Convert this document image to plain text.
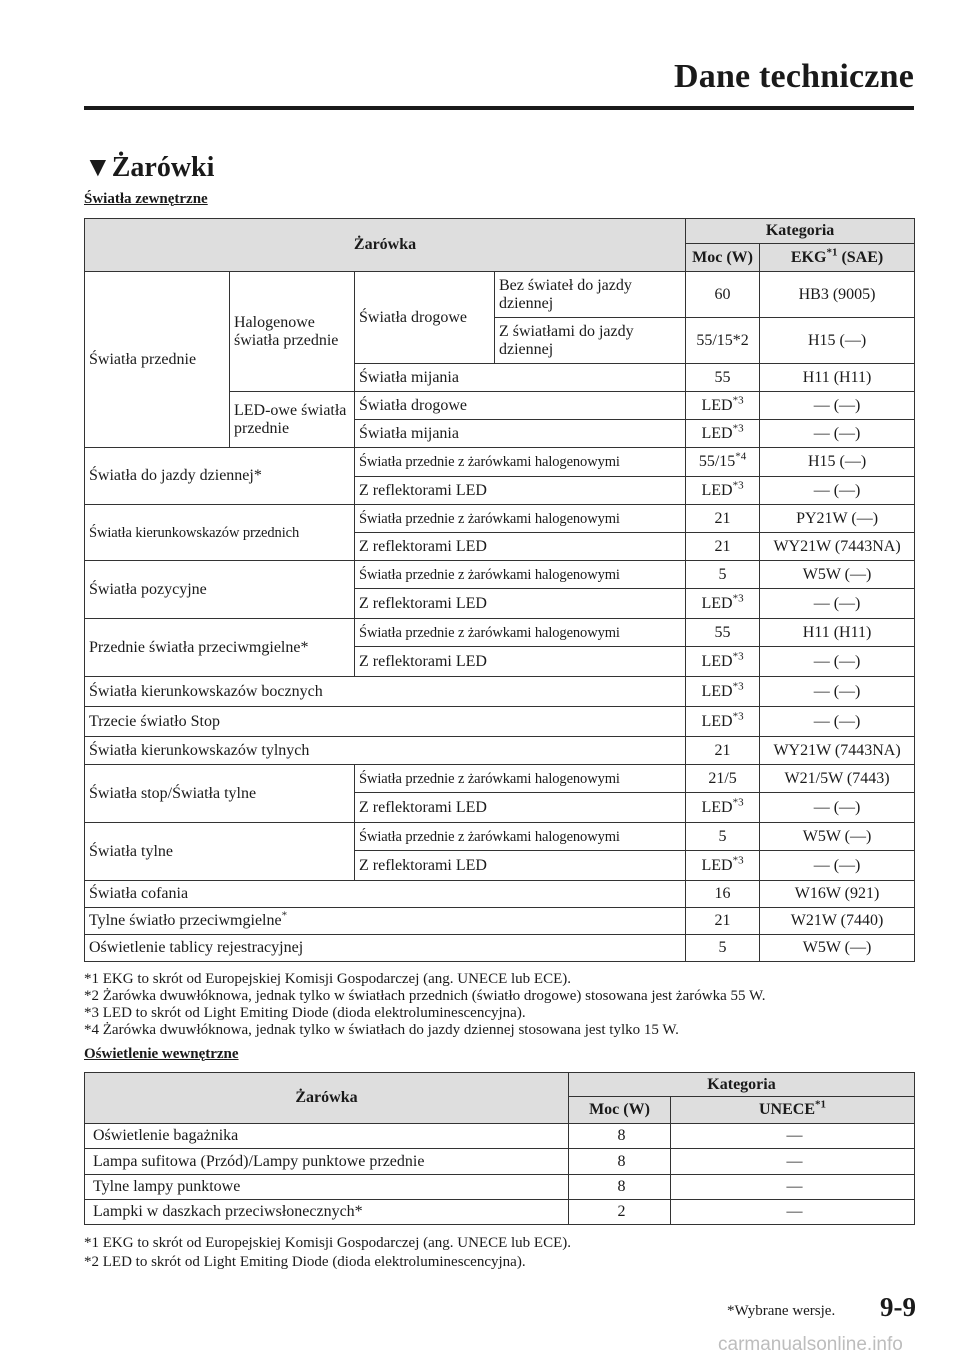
Dane techniczne
▼Żarówki
Światła zewnętrzne
Żarówka				Kategoria	
				Moc (W)	EKG$^{*1}$ (SAE)
Światła przednie	Halogenowe światła przednie	Światła drogowe	Bez świateł do jazdy dziennej	60	HB3 (9005)
			Z światłami do jazdy dziennej	55/15*2	H15 (—)
		Światła mijania		55	H11 (H11)
	LED-owe światła przednie	Światła drogowe		LED$^{*3}$	— (—)
		Światła mijania		LED$^{*3}$	— (—)
Światła do jazdy dziennej*		Światła przednie z żarówkami halogenowymi		55/15$^{*4}$	H15 (—)
		Z reflektorami LED		LED$^{*3}$	— (—)
Światła kierunkowskazów przednich		Światła przednie z żarówkami halogenowymi		21	PY21W (—)
		Z reflektorami LED		21	WY21W (7443NA)
Światła pozycyjne		Światła przednie z żarówkami halogenowymi		5	W5W (—)
		Z reflektorami LED		LED$^{*3}$	— (—)
Przednie światła przeciwmgielne*		Światła przednie z żarówkami halogenowymi		55	H11 (H11)
		Z reflektorami LED		LED$^{*3}$	— (—)
Światła kierunkowskazów bocznych				LED$^{*3}$	— (—)
Trzecie światło Stop				LED$^{*3}$	— (—)
Światła kierunkowskazów tylnych				21	WY21W (7443NA)
Światła stop/Światła tylne		Światła przednie z żarówkami halogenowymi		21/5	W21/5W (7443)
		Z reflektorami LED		LED$^{*3}$	— (—)
Światła tylne		Światła przednie z żarówkami halogenowymi		5	W5W (—)
		Z reflektorami LED		LED$^{*3}$	— (—)
Światła cofania				16	W16W (921)
Tylne światło przeciwmgielne*				21	W21W (7440)
Oświetlenie tablicy rejestracyjnej				5	W5W (—)
*1 EKG to skrót od Europejskiej Komisji Gospodarczej (ang. UNECE lub ECE).
*2 Żarówka dwuwłóknowa, jednak tylko w światłach przednich (światło drogowe) stosowana jest żarówka 55 W.
*3 LED to skrót od Light Emiting Diode (dioda elektroluminescencyjna).
*4 Żarówka dwuwłóknowa, jednak tylko w światłach do jazdy dziennej stosowana jest tylko 15 W.
Oświetlenie wewnętrzne
Żarówka	Kategoria	
	Moc (W)	UNECE$^{*1}$
Oświetlenie bagażnika	8	—
Lampa sufitowa (Przód)/Lampy punktowe przednie	8	—
Tylne lampy punktowe	8	—
Lampki w daszkach przeciwsłonecznych*	2	—
*1 EKG to skrót od Europejskiej Komisji Gospodarczej (ang. UNECE lub ECE).
*2 LED to skrót od Light Emiting Diode (dioda elektroluminescencyjna).
*Wybrane wersje. 9-9
carmanualsonline.info
